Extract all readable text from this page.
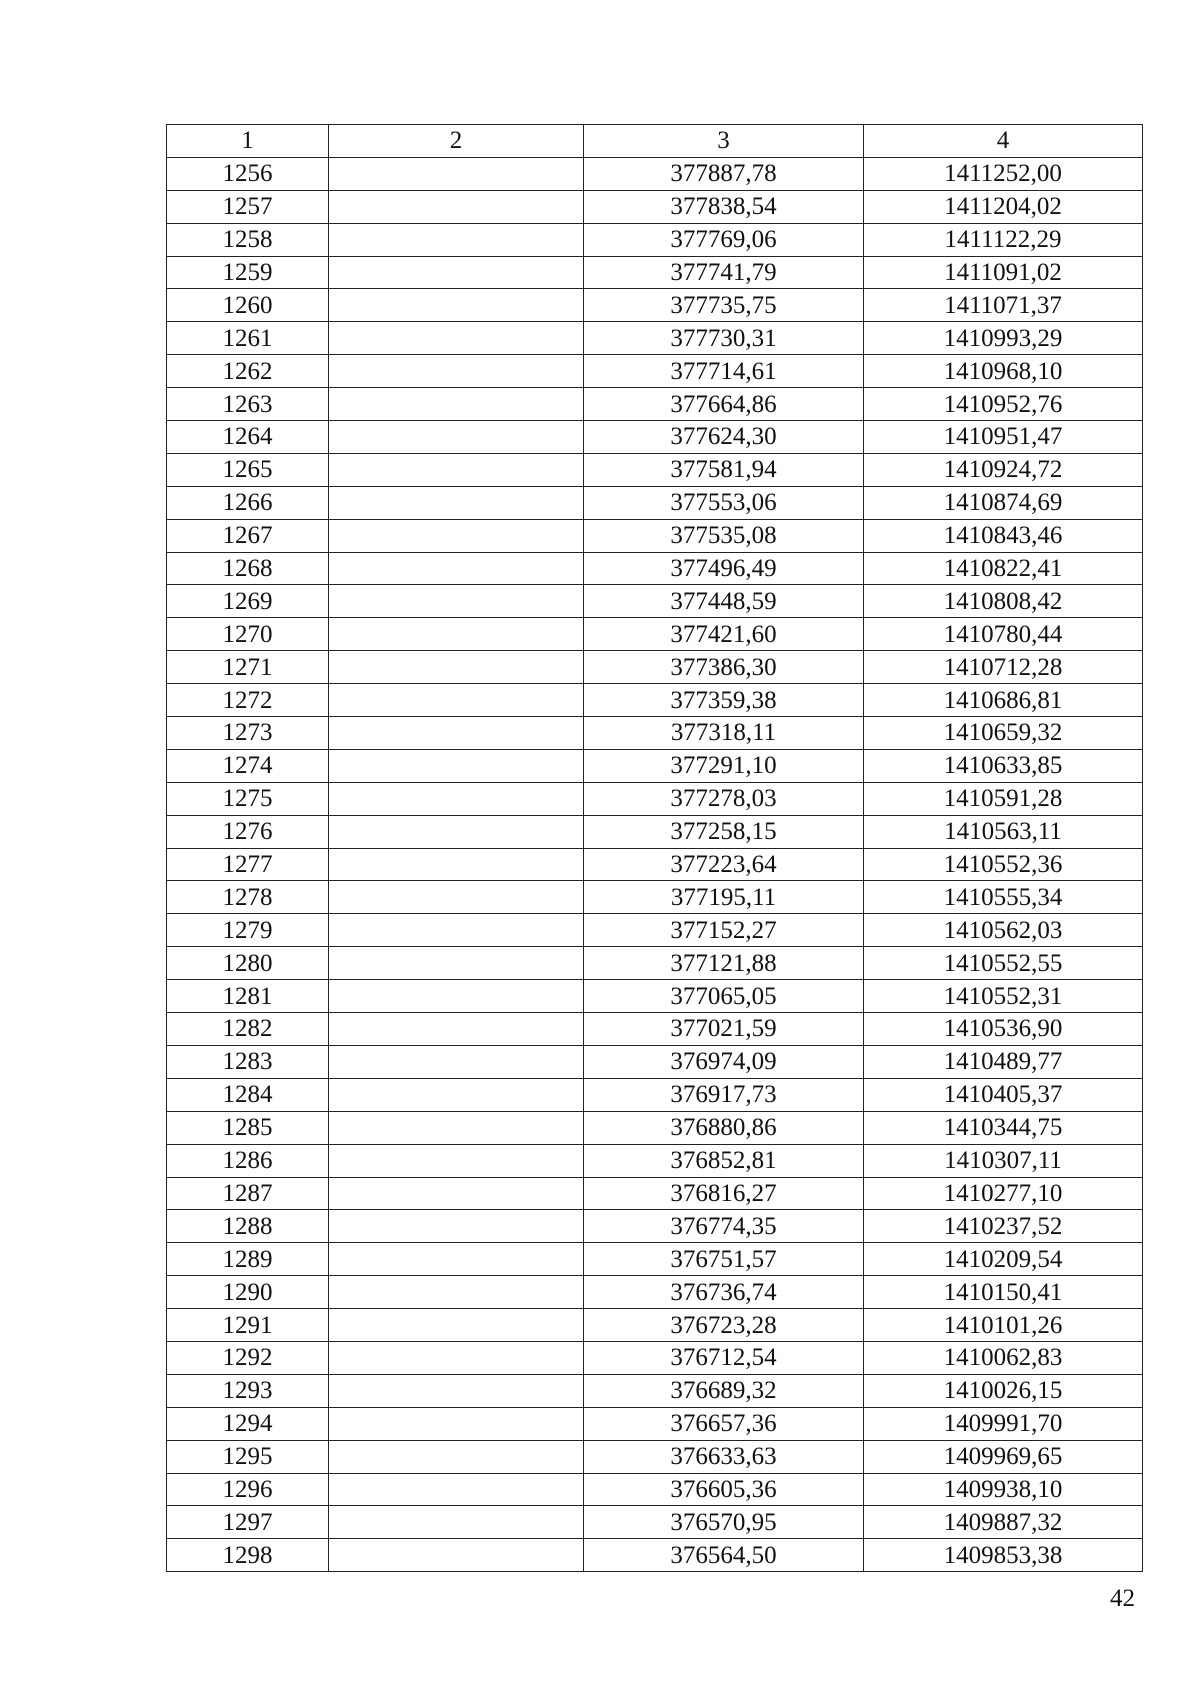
1	2	3	4
1256		377887,78	1411252,00
1257		377838,54	1411204,02
1258		377769,06	1411122,29
1259		377741,79	1411091,02
1260		377735,75	1411071,37
1261		377730,31	1410993,29
1262		377714,61	1410968,10
1263		377664,86	1410952,76
1264		377624,30	1410951,47
1265		377581,94	1410924,72
1266		377553,06	1410874,69
1267		377535,08	1410843,46
1268		377496,49	1410822,41
1269		377448,59	1410808,42
1270		377421,60	1410780,44
1271		377386,30	1410712,28
1272		377359,38	1410686,81
1273		377318,11	1410659,32
1274		377291,10	1410633,85
1275		377278,03	1410591,28
1276		377258,15	1410563,11
1277		377223,64	1410552,36
1278		377195,11	1410555,34
1279		377152,27	1410562,03
1280		377121,88	1410552,55
1281		377065,05	1410552,31
1282		377021,59	1410536,90
1283		376974,09	1410489,77
1284		376917,73	1410405,37
1285		376880,86	1410344,75
1286		376852,81	1410307,11
1287		376816,27	1410277,10
1288		376774,35	1410237,52
1289		376751,57	1410209,54
1290		376736,74	1410150,41
1291		376723,28	1410101,26
1292		376712,54	1410062,83
1293		376689,32	1410026,15
1294		376657,36	1409991,70
1295		376633,63	1409969,65
1296		376605,36	1409938,10
1297		376570,95	1409887,32
1298		376564,50	1409853,38
42
